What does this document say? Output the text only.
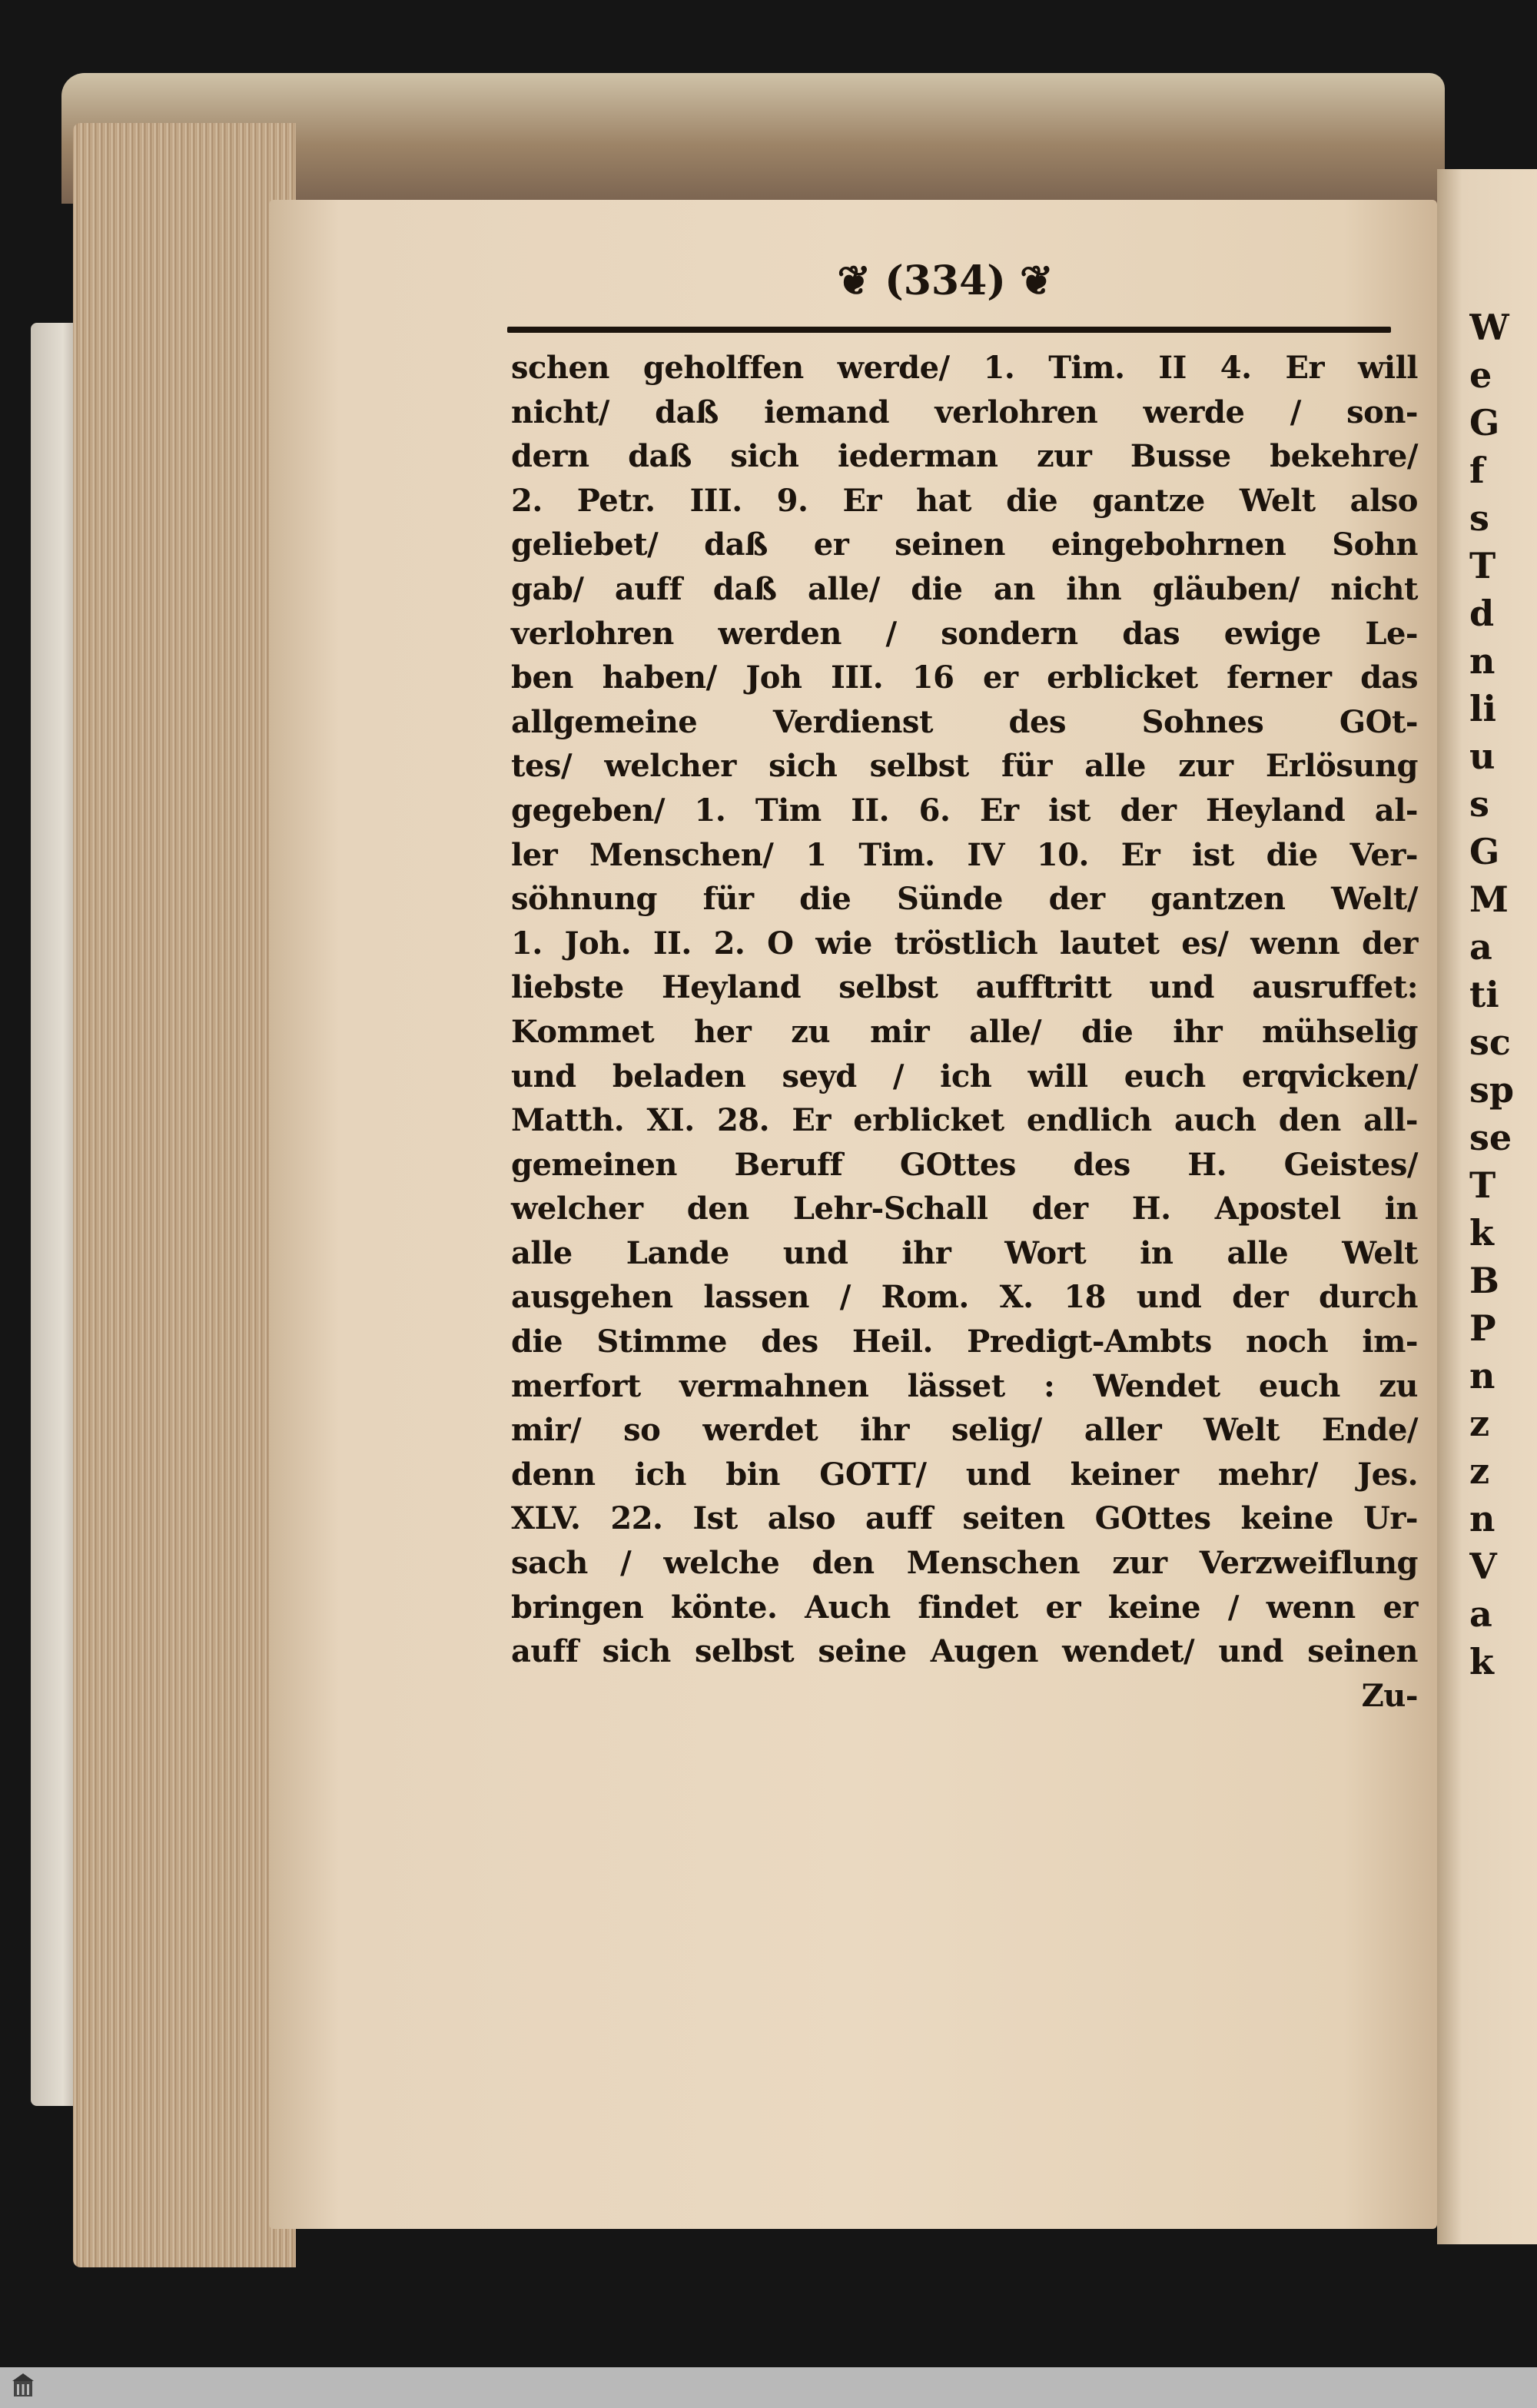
W
e
G
f
s
T
d
n
li
u
s
G
M
a
ti
sc
sp
se
T
k
B
P
n
z
z
n
V
a
k
❦ (334) ❦
schen geholffen werde/ 1. Tim. II 4. Er will
nicht/ daß iemand verlohren werde / son-
dern daß sich iederman zur Busse bekehre/
2. Petr. III. 9. Er hat die gantze Welt also
geliebet/ daß er seinen eingebohrnen Sohn
gab/ auff daß alle/ die an ihn gläuben/ nicht
verlohren werden / sondern das ewige Le-
ben haben/ Joh III. 16 er erblicket ferner das
allgemeine Verdienst des Sohnes GOt-
tes/ welcher sich selbst für alle zur Erlösung
gegeben/ 1. Tim II. 6. Er ist der Heyland al-
ler Menschen/ 1 Tim. IV 10. Er ist die Ver-
söhnung für die Sünde der gantzen Welt/
1. Joh. II. 2. O wie tröstlich lautet es/ wenn der
liebste Heyland selbst aufftritt und ausruffet:
Kommet her zu mir alle/ die ihr mühselig
und beladen seyd / ich will euch erqvicken/
Matth. XI. 28. Er erblicket endlich auch den all-
gemeinen Beruff GOttes des H. Geistes/
welcher den Lehr-Schall der H. Apostel in
alle Lande und ihr Wort in alle Welt
ausgehen lassen / Rom. X. 18 und der durch
die Stimme des Heil. Predigt-Ambts noch im-
merfort vermahnen lässet : Wendet euch zu
mir/ so werdet ihr selig/ aller Welt Ende/
denn ich bin GOTT/ und keiner mehr/ Jes.
XLV. 22. Ist also auff seiten GOttes keine Ur-
sach / welche den Menschen zur Verzweiflung
bringen könte. Auch findet er keine / wenn er
auff sich selbst seine Augen wendet/ und seinen
Zu-
